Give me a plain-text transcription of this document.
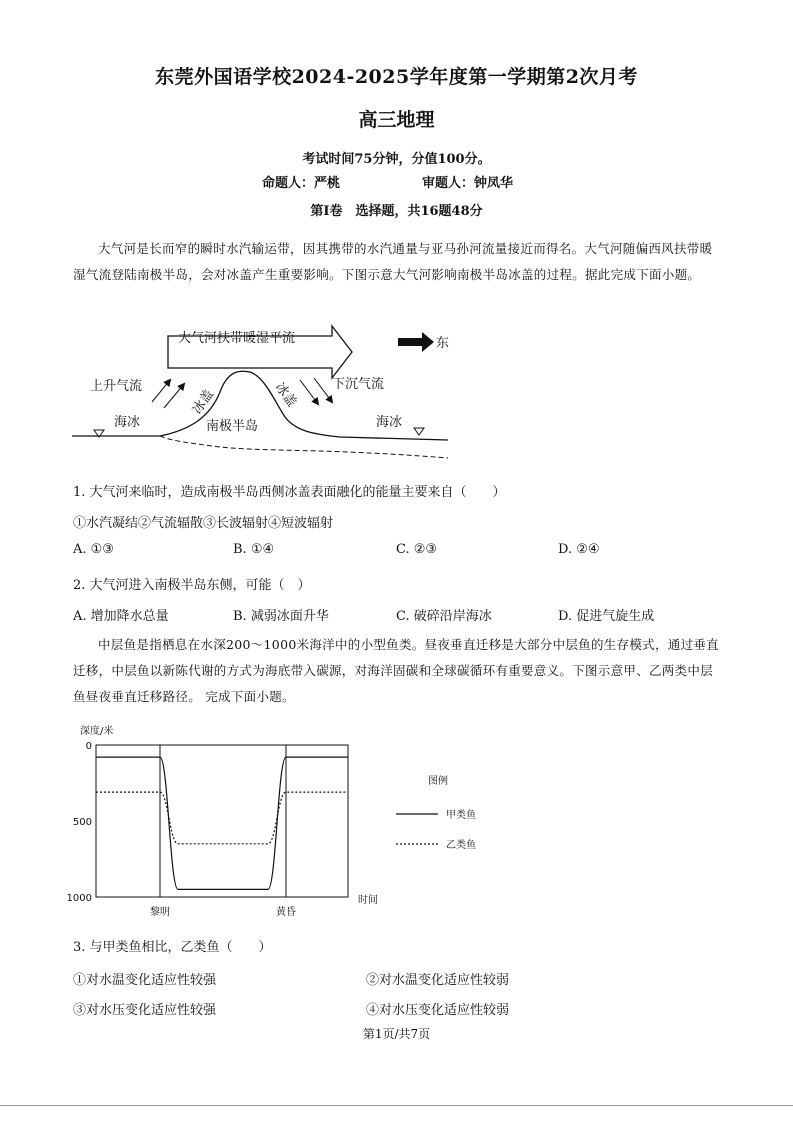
东莞外国语学校2024-2025学年度第一学期第2次月考
高三地理
考试时间75分钟，分值100分。
命题人：严桃	审题人：钟凤华
第Ⅰ卷　选择题，共16题48分
大气河是长而窄的瞬时水汽输运带，因其携带的水汽通量与亚马孙河流量接近而得名。大气河随偏西风扶带暖湿气流登陆南极半岛，会对冰盖产生重要影响。下图示意大气河影响南极半岛冰盖的过程。据此完成下面小题。
大气河扶带暖湿平流	东
上升气流	下沉气流
冰盖	冰盖
海冰	海冰
南极半岛
1. 大气河来临时，造成南极半岛西侧冰盖表面融化的能量主要来自（　　）
①水汽凝结②气流辐散③长波辐射④短波辐射
A. ①③	B. ①④	C. ②③	D. ②④
2. 大气河进入南极半岛东侧，可能（　）
A. 增加降水总量	B. 减弱冰面升华	C. 破碎沿岸海冰	D. 促进气旋生成
中层鱼是指栖息在水深200～1000米海洋中的小型鱼类。昼夜垂直迁移是大部分中层鱼的生存模式，通过垂直迁移，中层鱼以新陈代谢的方式为海底带入碳源，对海洋固碳和全球碳循环有重要意义。下图示意甲、乙两类中层鱼昼夜垂直迁移路径。 完成下面小题。
深度/米
0
500
1000
黎明	黄昏
时间
图例
甲类鱼
乙类鱼
3. 与甲类鱼相比，乙类鱼（　　）
①对水温变化适应性较强	②对水温变化适应性较弱
③对水压变化适应性较强	④对水压变化适应性较弱
第1页/共7页
